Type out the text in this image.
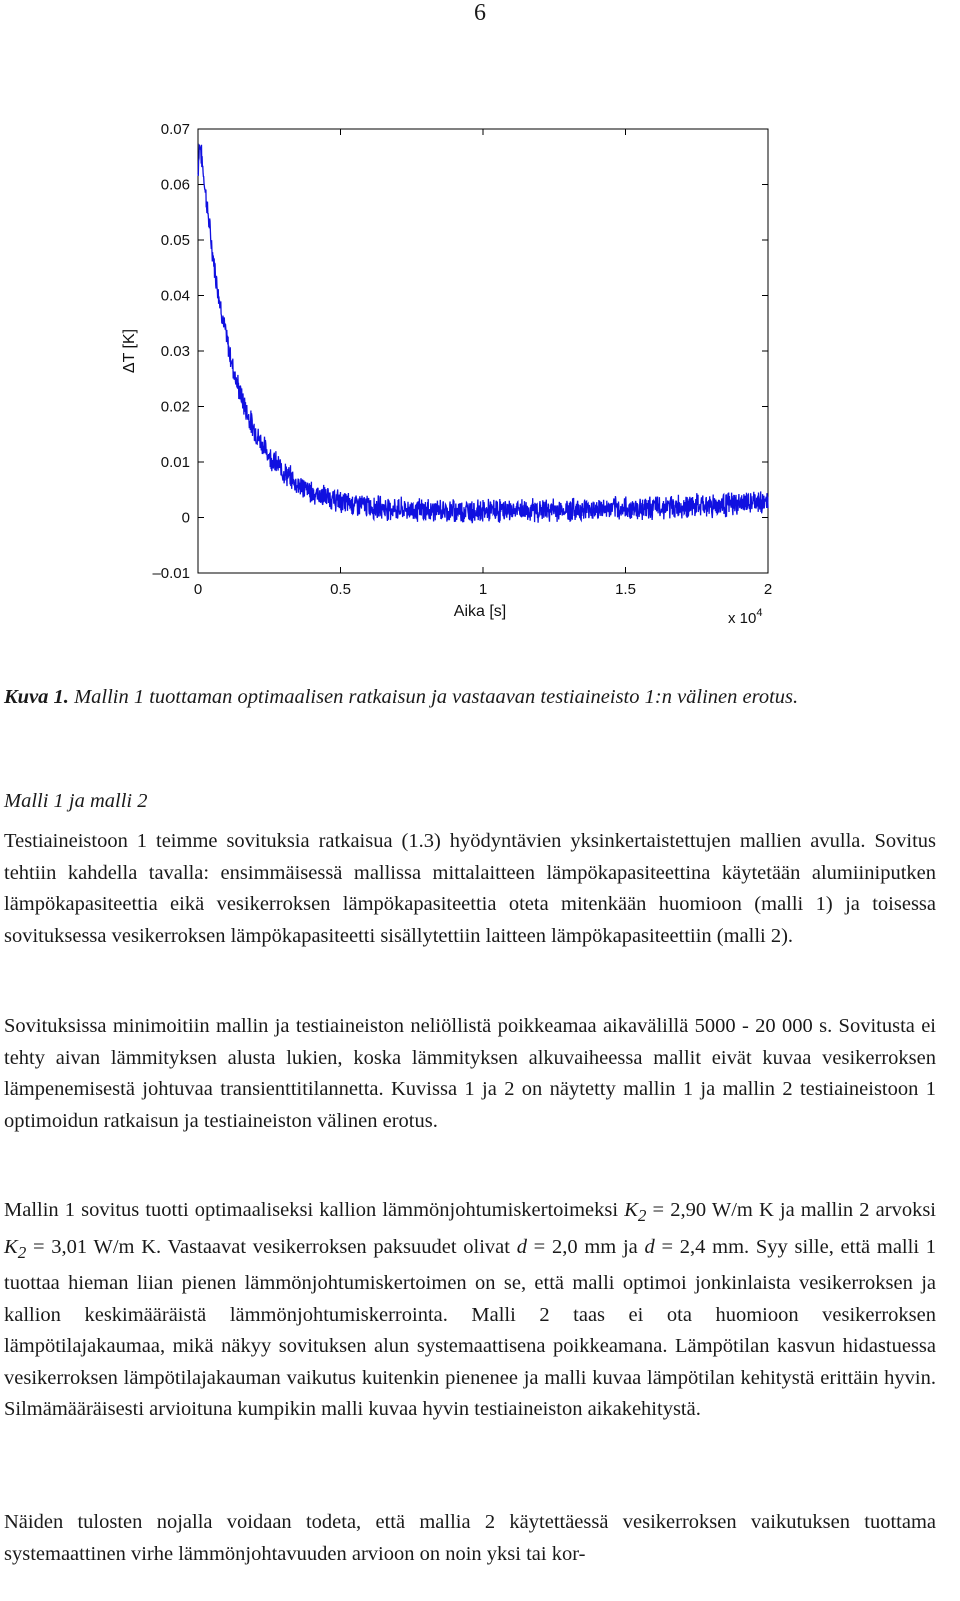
6
–0.01
0
0.01
0.02
0.03
0.04
0.05
0.06
0.07
0	0.5	1	1.5	2
ΔT [K]
Aika [s]	x $10^4$
Kuva 1. Mallin 1 tuottaman optimaalisen ratkaisun ja vastaavan testiaineisto 1:n välinen erotus.
Malli 1 ja malli 2
Testiaineistoon 1 teimme sovituksia ratkaisua (1.3) hyödyntävien yksinkertaistettujen mallien avulla. Sovitus tehtiin kahdella tavalla: ensimmäisessä mallissa mittalaitteen lämpökapasiteettina käytetään alumiiniputken lämpökapasiteettia eikä vesikerroksen lämpökapasiteettia oteta mitenkään huomioon (malli 1) ja toisessa sovituksessa vesikerroksen lämpökapasiteetti sisällytettiin laitteen lämpökapasiteettiin (malli 2).
Sovituksissa minimoitiin mallin ja testiaineiston neliöllistä poikkeamaa aikavälillä 5000 - 20 000 s. Sovitusta ei tehty aivan lämmityksen alusta lukien, koska lämmityksen alkuvaiheessa mallit eivät kuvaa vesikerroksen lämpenemisestä johtuvaa transienttitilannetta. Kuvissa 1 ja 2 on näytetty mallin 1 ja mallin 2 testiaineistoon 1 optimoidun ratkaisun ja testiaineiston välinen erotus.
Mallin 1 sovitus tuotti optimaaliseksi kallion lämmönjohtumiskertoimeksi $K_2 = 2,90$ W/m K ja mallin 2 arvoksi $K_2 = 3,01$ W/m K. Vastaavat vesikerroksen paksuudet olivat d = 2,0 mm ja d = 2,4 mm. Syy sille, että malli 1 tuottaa hieman liian pienen lämmönjohtumiskertoimen on se, että malli optimoi jonkinlaista vesikerroksen ja kallion keskimääräistä lämmönjohtumiskerrointa. Malli 2 taas ei ota huomioon vesikerroksen lämpötilajakaumaa, mikä näkyy sovituksen alun systemaattisena poikkeamana. Lämpötilan kasvun hidastuessa vesikerroksen lämpötilajakauman vaikutus kuitenkin pienenee ja malli kuvaa lämpötilan kehitystä erittäin hyvin. Silmämääräisesti arvioituna kumpikin malli kuvaa hyvin testiaineiston aikakehitystä.
Näiden tulosten nojalla voidaan todeta, että mallia 2 käytettäessä vesikerroksen vaikutuksen tuottama systemaattinen virhe lämmönjohtavuuden arvioon on noin yksi tai kor-
